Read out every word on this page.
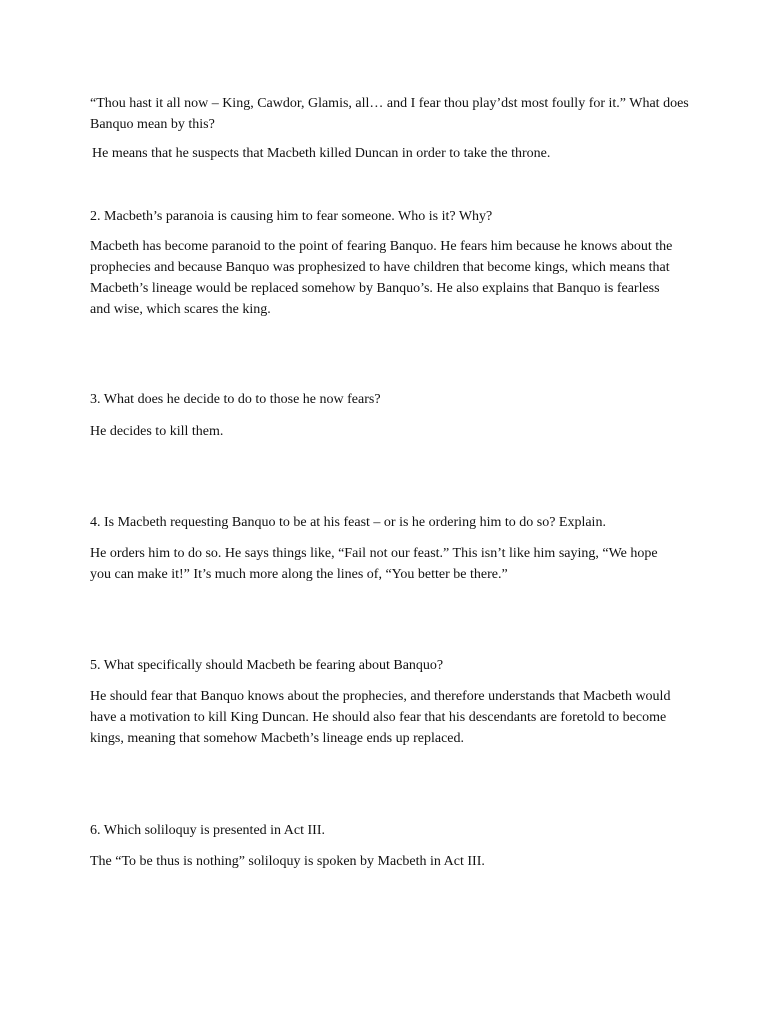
“Thou hast it all now – King, Cawdor, Glamis, all… and I fear thou play’dst most foully for it.” What does Banquo mean by this?
He means that he suspects that Macbeth killed Duncan in order to take the throne.
2. Macbeth’s paranoia is causing him to fear someone. Who is it? Why?
Macbeth has become paranoid to the point of fearing Banquo. He fears him because he knows about the prophecies and because Banquo was prophesized to have children that become kings, which means that Macbeth’s lineage would be replaced somehow by Banquo’s. He also explains that Banquo is fearless and wise, which scares the king.
3. What does he decide to do to those he now fears?
He decides to kill them.
4. Is Macbeth requesting Banquo to be at his feast – or is he ordering him to do so? Explain.
He orders him to do so. He says things like, “Fail not our feast.” This isn’t like him saying, “We hope you can make it!” It’s much more along the lines of, “You better be there.”
5. What specifically should Macbeth be fearing about Banquo?
He should fear that Banquo knows about the prophecies, and therefore understands that Macbeth would have a motivation to kill King Duncan. He should also fear that his descendants are foretold to become kings, meaning that somehow Macbeth’s lineage ends up replaced.
6. Which soliloquy is presented in Act III.
The “To be thus is nothing” soliloquy is spoken by Macbeth in Act III.
